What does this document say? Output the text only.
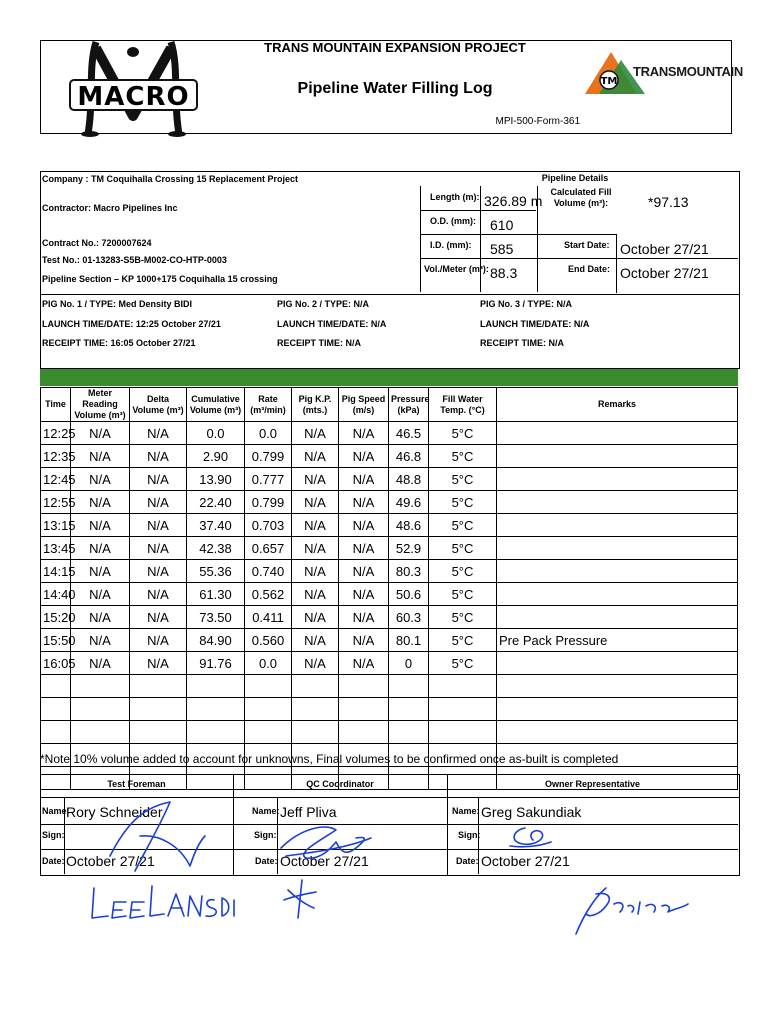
MACRO
TRANS MOUNTAIN EXPANSION PROJECT
Pipeline Water Filling Log
MPI-500-Form-361
TM
TRANSMOUNTAIN
Company : TM Coquihalla Crossing 15 Replacement Project
Contractor: Macro Pipelines Inc
Contract No.: 7200007624
Test No.: 01-13283-S5B-M002-CO-HTP-0003
Pipeline Section – KP 1000+175 Coquihalla 15 crossing
Pipeline Details
Length (m): 326.89 m
O.D. (mm): 610
I.D. (mm): 585
Vol./Meter (m³): 88.3
Calculated Fill Volume (m³):	*97.13
Start Date: October 27/21
End Date: October 27/21
PIG No. 1 / TYPE: Med Density BIDI
LAUNCH TIME/DATE: 12:25 October 27/21
RECEIPT TIME: 16:05 October 27/21
PIG No. 2 / TYPE: N/A
LAUNCH TIME/DATE: N/A
RECEIPT TIME: N/A
PIG No. 3 / TYPE: N/A
LAUNCH TIME/DATE: N/A
RECEIPT TIME: N/A
Time	Meter Reading Volume (m³)	Delta Volume (m³)	Cumulative Volume (m³)	Rate (m³/min)	Pig K.P. (mts.)	Pig Speed (m/s)	Pressure (kPa)	Fill Water Temp. (°C)	Remarks
12:25	N/A	N/A	0.0	0.0	N/A	N/A	46.5	5°C	
12:35	N/A	N/A	2.90	0.799	N/A	N/A	46.8	5°C	
12:45	N/A	N/A	13.90	0.777	N/A	N/A	48.8	5°C	
12:55	N/A	N/A	22.40	0.799	N/A	N/A	49.6	5°C	
13:15	N/A	N/A	37.40	0.703	N/A	N/A	48.6	5°C	
13:45	N/A	N/A	42.38	0.657	N/A	N/A	52.9	5°C	
14:15	N/A	N/A	55.36	0.740	N/A	N/A	80.3	5°C	
14:40	N/A	N/A	61.30	0.562	N/A	N/A	50.6	5°C	
15:20	N/A	N/A	73.50	0.411	N/A	N/A	60.3	5°C	
15:50	N/A	N/A	84.90	0.560	N/A	N/A	80.1	5°C	Pre Pack Pressure
16:05	N/A	N/A	91.76	0.0	N/A	N/A	0	5°C	

*Note 10% volume added to account for unknowns, Final volumes to be confirmed once as-built is completed
Test Foreman	QC Coordinator	Owner Representative
Name:
Rory Schneider
Sign:
Date: October 27/21
Name: Jeff Pliva
Sign:
Date: October 27/21
Name: Greg Sakundiak
Sign:
Date: October 27/21
